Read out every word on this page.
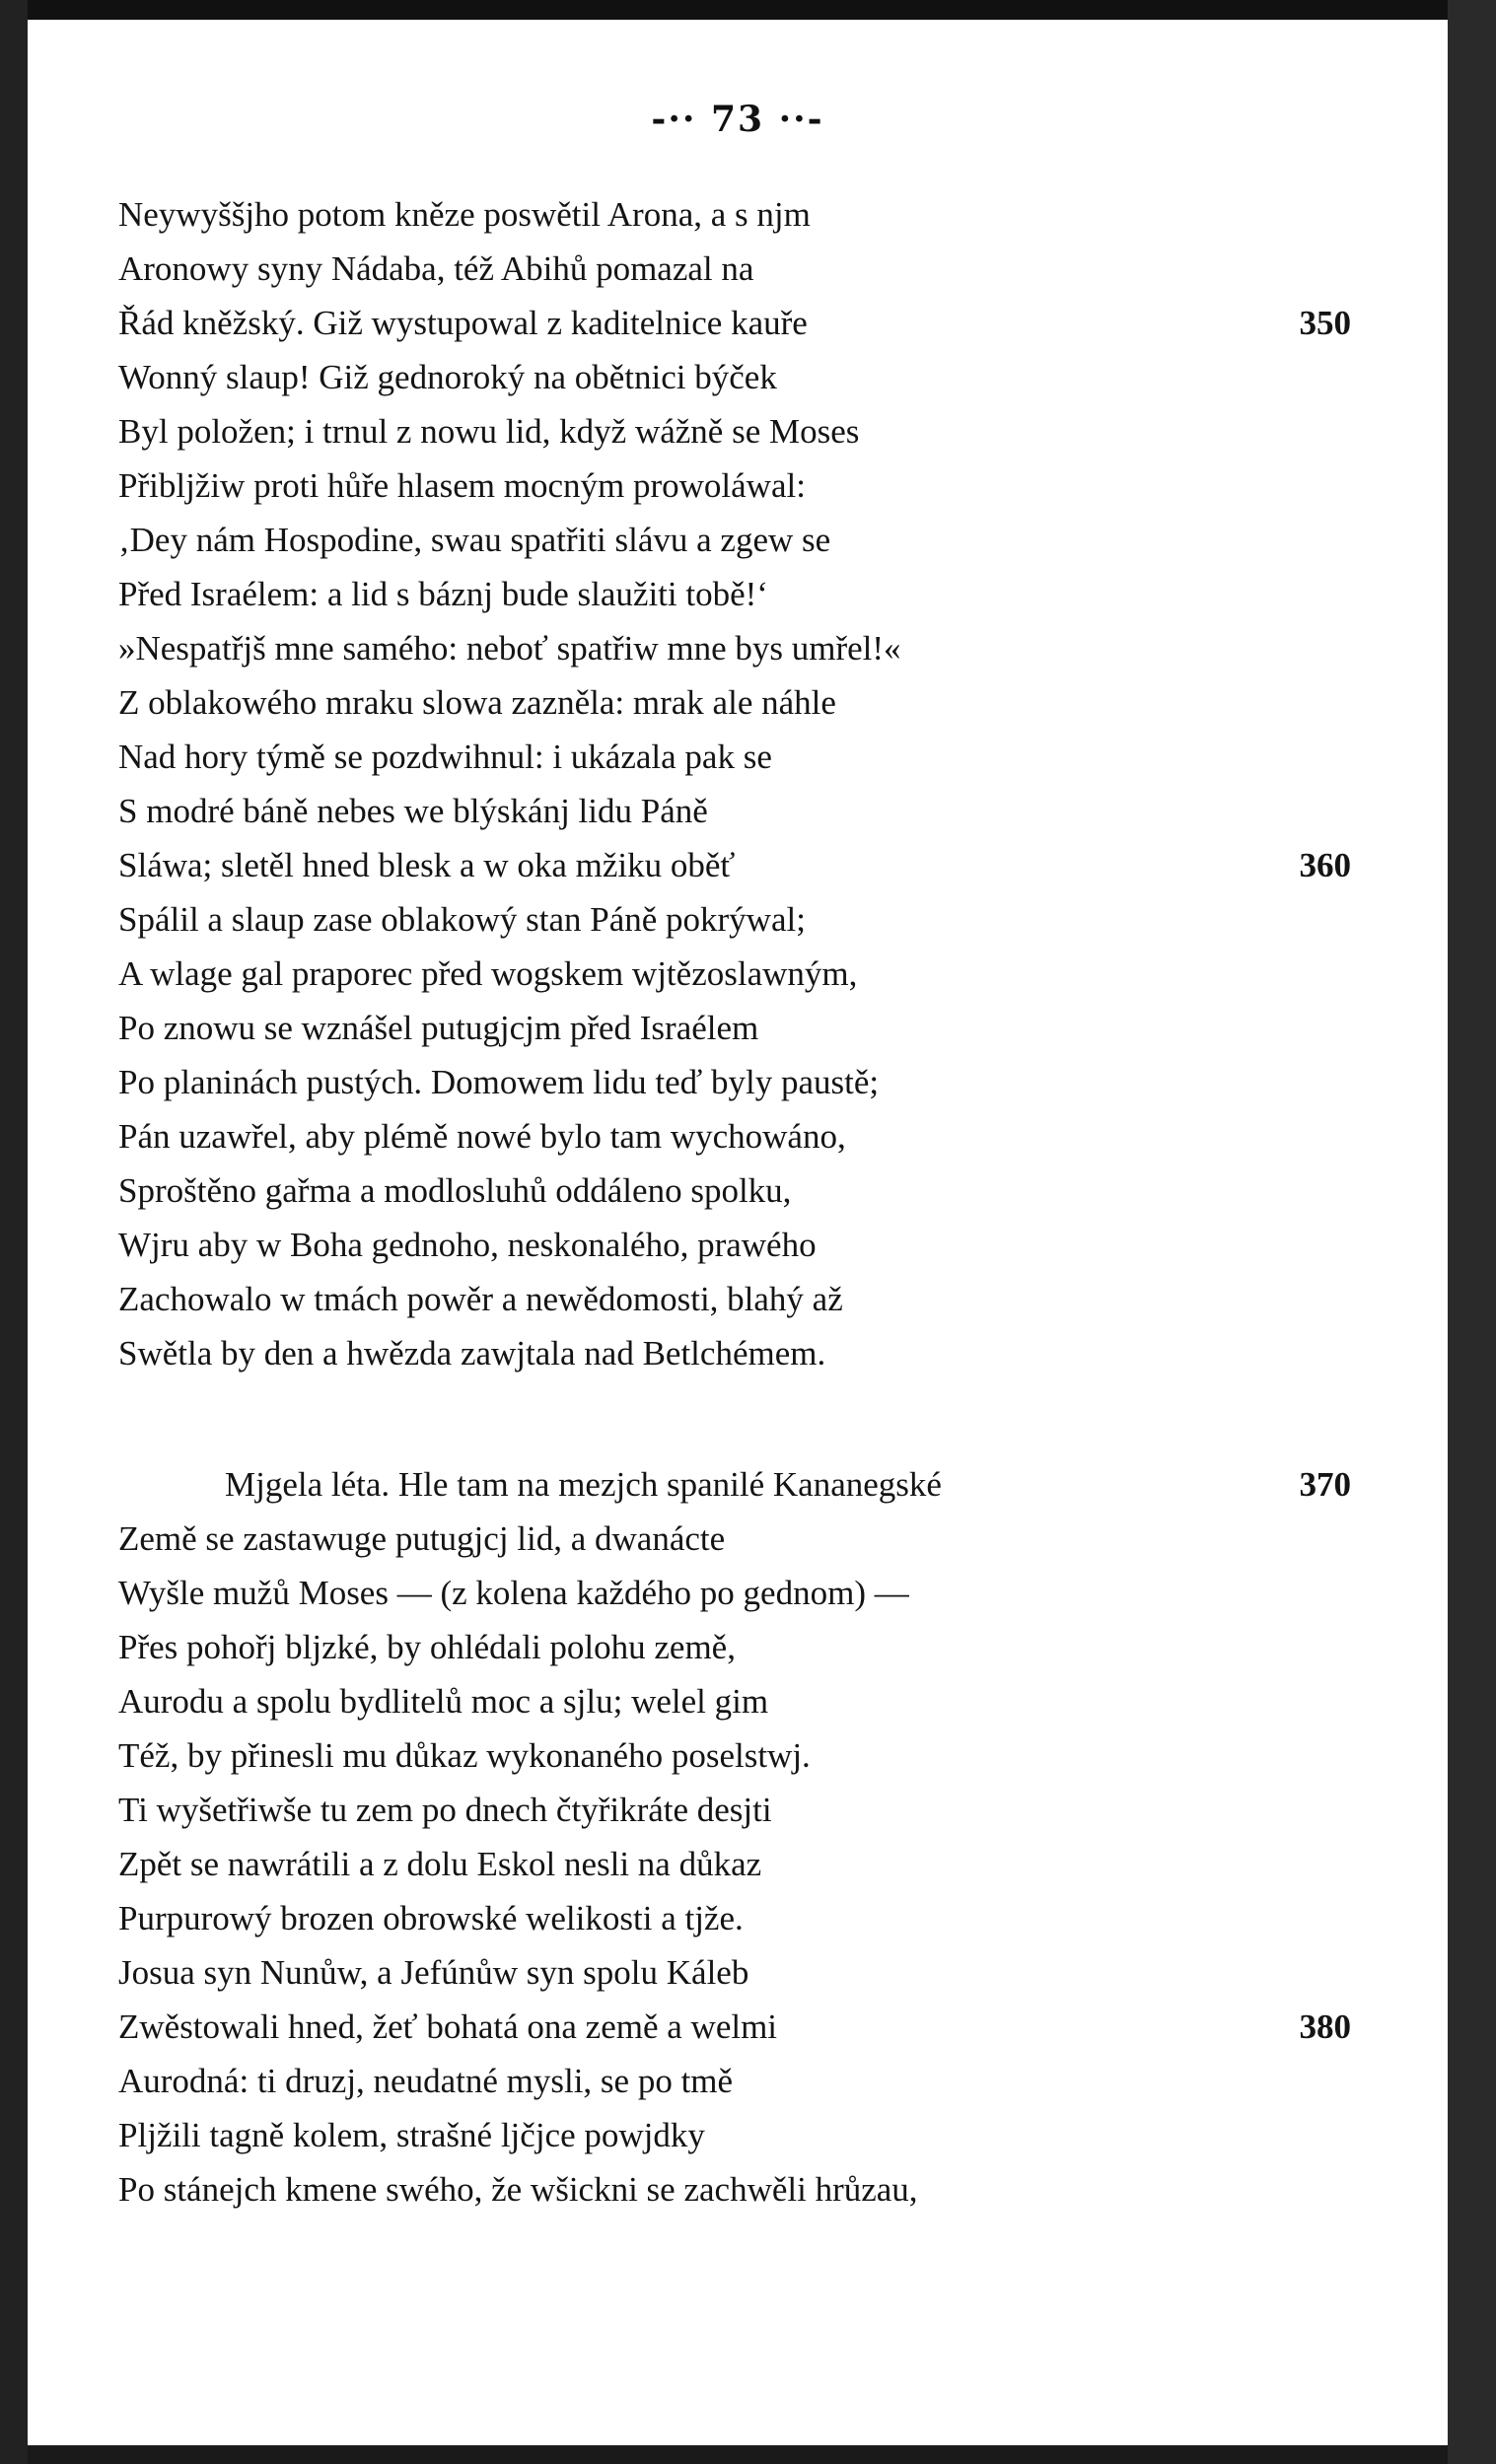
-·· 73 ··-
Neywyššjho potom kněze poswětil Arona, a s njm
Aronowy syny Nádaba, též Abihů pomazal na
Řád kněžský. Giž wystupowal z kaditelnice kauře	350
Wonný slaup! Giž gednoroký na obětnici býček
Byl položen; i trnul z nowu lid, když wážně se Moses
Přibljžiw proti hůře hlasem mocným prowoláwal:
‚Dey nám Hospodine, swau spatřiti slávu a zgew se
Před Israélem: a lid s báznj bude slaužiti tobě!‘
»Nespatřjš mne samého: neboť spatřiw mne bys umřel!«
Z oblakowého mraku slowa zazněla: mrak ale náhle
Nad hory týmě se pozdwihnul: i ukázala pak se
S modré báně nebes we blýskánj lidu Páně
Sláwa; sletěl hned blesk a w oka mžiku oběť	360
Spálil a slaup zase oblakowý stan Páně pokrýwal;
A wlage gal praporec před wogskem wjtězoslawným,
Po znowu se wznášel putugjcjm před Israélem
Po planinách pustých. Domowem lidu teď byly paustě;
Pán uzawřel, aby plémě nowé bylo tam wychowáno,
Sproštěno gařma a modlosluhů oddáleno spolku,
Wjru aby w Boha gednoho, neskonalého, prawého
Zachowalo w tmách powěr a newědomosti, blahý až
Swětla by den a hwězda zawjtala nad Betlchémem.
Mjgela léta. Hle tam na mezjch spanilé Kananegské	370
Země se zastawuge putugjcj lid, a dwanácte
Wyšle mužů Moses — (z kolena každého po gednom) —
Přes pohořj bljzké, by ohlédali polohu země,
Aurodu a spolu bydlitelů moc a sjlu; welel gim
Též, by přinesli mu důkaz wykonaného poselstwj.
Ti wyšetřiwše tu zem po dnech čtyřikráte desjti
Zpět se nawrátili a z dolu Eskol nesli na důkaz
Purpurowý brozen obrowské welikosti a tjže.
Josua syn Nunůw, a Jefúnůw syn spolu Káleb
Zwěstowali hned, žeť bohatá ona země a welmi	380
Aurodná: ti druzj, neudatné mysli, se po tmě
Pljžili tagně kolem, strašné ljčjce powjdky
Po stánejch kmene swého, že wšickni se zachwěli hrůzau,
